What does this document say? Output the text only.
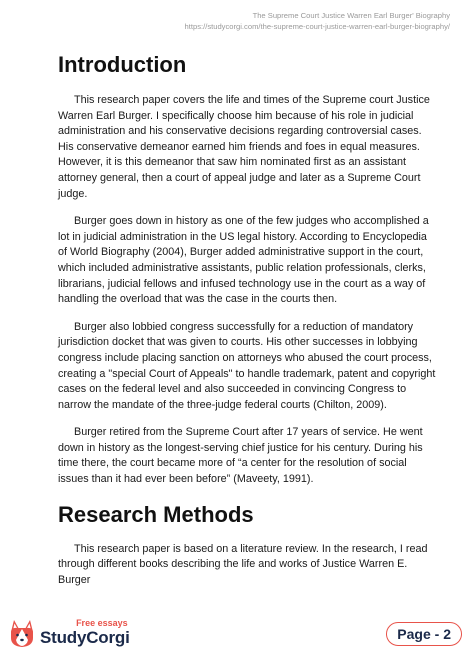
The Supreme Court Justice Warren Earl Burger' Biography
https://studycorgi.com/the-supreme-court-justice-warren-earl-burger-biography/
Introduction

This research paper covers the life and times of the Supreme court Justice Warren Earl Burger. I specifically choose him because of his role in judicial administration and his conservative decisions regarding controversial cases. His conservative demeanor earned him friends and foes in equal measures. However, it is this demeanor that saw him nominated first as an assistant attorney general, then a court of appeal judge and later as a Supreme Court judge.

Burger goes down in history as one of the few judges who accomplished a lot in judicial administration in the US legal history. According to Encyclopedia of World Biography (2004), Burger added administrative support in the court, which included administrative assistants, public relation professionals, clerks, librarians, judicial fellows and infused technology use in the court as a way of handling the overload that was the case in the courts then.

Burger also lobbied congress successfully for a reduction of mandatory jurisdiction docket that was given to courts. His other successes in lobbying congress include placing sanction on attorneys who abused the court process, creating a "special Court of Appeals" to handle trademark, patent and copyright cases on the federal level and also succeeded in convincing Congress to narrow the mandate of the three-judge federal courts (Chilton, 2009).

Burger retired from the Supreme Court after 17 years of service. He went down in history as the longest-serving chief justice for his century. During his time there, the court became more of “a center for the resolution of social issues than it had ever been before” (Maveety, 1991).

Research Methods

This research paper is based on a literature review. In the research, I read through different books describing the life and works of Justice Warren E. Burger

Free essays
StudyCorgi	Page - 2
